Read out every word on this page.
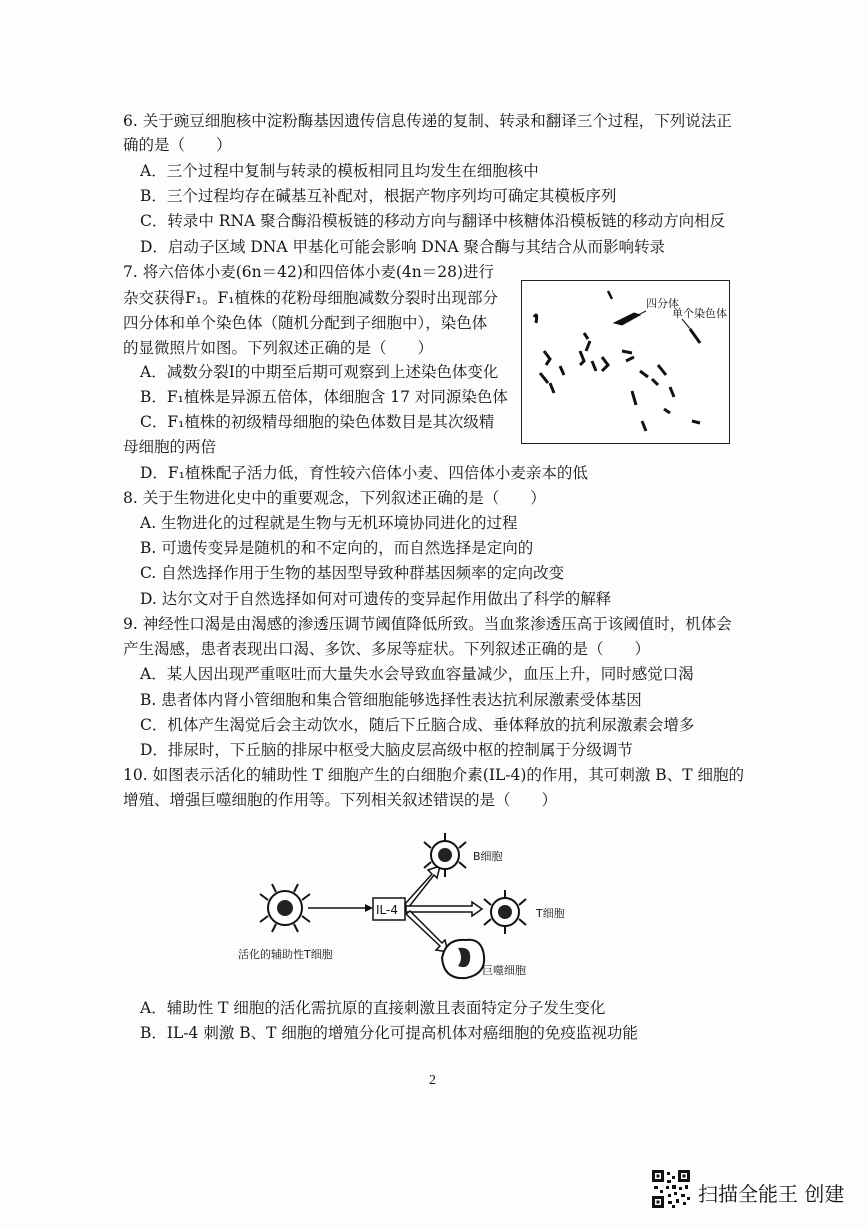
6. 关于豌豆细胞核中淀粉酶基因遗传信息传递的复制、转录和翻译三个过程，下列说法正
确的是（　　）
A．三个过程中复制与转录的模板相同且均发生在细胞核中
B．三个过程均存在碱基互补配对，根据产物序列均可确定其模板序列
C．转录中 RNA 聚合酶沿模板链的移动方向与翻译中核糖体沿模板链的移动方向相反
D．启动子区域 DNA 甲基化可能会影响 DNA 聚合酶与其结合从而影响转录
7. 将六倍体小麦(6n＝42)和四倍体小麦(4n＝28)进行
杂交获得F₁。F₁植株的花粉母细胞减数分裂时出现部分
四分体和单个染色体（随机分配到子细胞中），染色体
的显微照片如图。下列叙述正确的是（　　）
A．减数分裂Ⅰ的中期至后期可观察到上述染色体变化
B．F₁植株是异源五倍体，体细胞含 17 对同源染色体
C．F₁植株的初级精母细胞的染色体数目是其次级精
母细胞的两倍
D．F₁植株配子活力低，育性较六倍体小麦、四倍体小麦亲本的低
四分体
单个染色体
8. 关于生物进化史中的重要观念，下列叙述正确的是（　　）
A. 生物进化的过程就是生物与无机环境协同进化的过程
B. 可遗传变异是随机的和不定向的，而自然选择是定向的
C. 自然选择作用于生物的基因型导致种群基因频率的定向改变
D. 达尔文对于自然选择如何对可遗传的变异起作用做出了科学的解释
9. 神经性口渴是由渴感的渗透压调节阈值降低所致。当血浆渗透压高于该阈值时，机体会
产生渴感，患者表现出口渴、多饮、多尿等症状。下列叙述正确的是（　　）
A．某人因出现严重呕吐而大量失水会导致血容量减少，血压上升，同时感觉口渴
B. 患者体内肾小管细胞和集合管细胞能够选择性表达抗利尿激素受体基因
C．机体产生渴觉后会主动饮水，随后下丘脑合成、垂体释放的抗利尿激素会增多
D．排尿时，下丘脑的排尿中枢受大脑皮层高级中枢的控制属于分级调节
10. 如图表示活化的辅助性 T 细胞产生的白细胞介素(IL-4)的作用，其可刺激 B、T 细胞的
增殖、增强巨噬细胞的作用等。下列相关叙述错误的是（　　）
IL-4
B细胞
T细胞
巨噬细胞
活化的辅助性T细胞
A．辅助性 T 细胞的活化需抗原的直接刺激且表面特定分子发生变化
B．IL-4 刺激 B、T 细胞的增殖分化可提高机体对癌细胞的免疫监视功能
2
扫描全能王 创建
